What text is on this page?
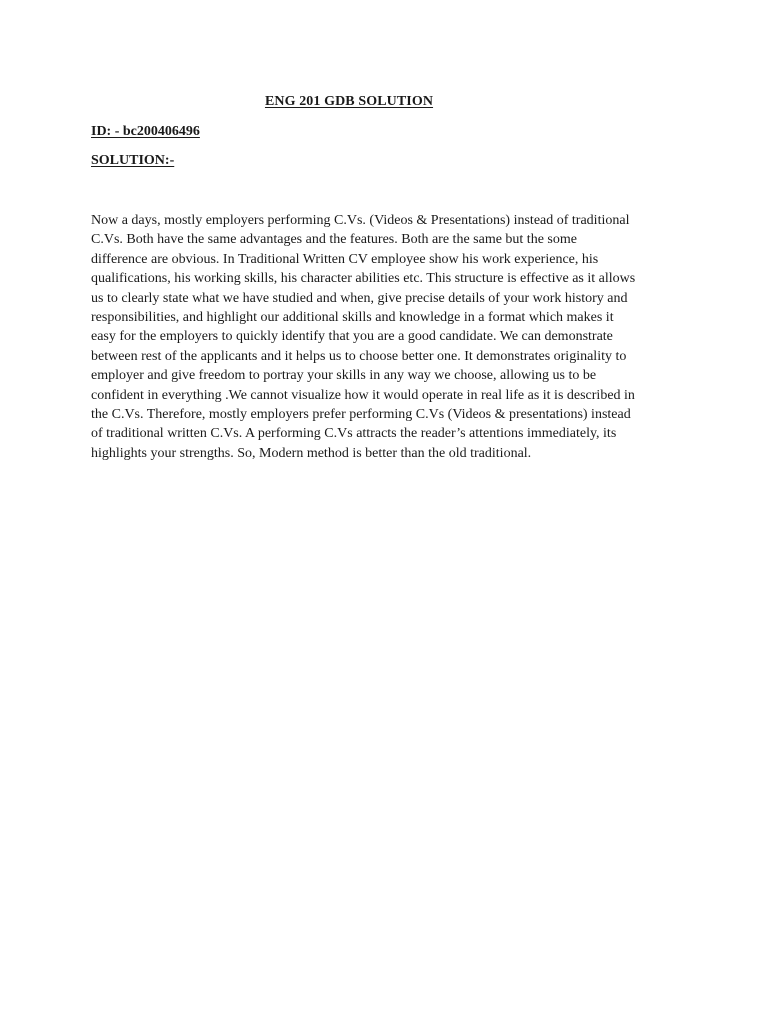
ENG 201 GDB SOLUTION
ID: - bc200406496
SOLUTION:-
Now a days, mostly employers performing C.Vs. (Videos & Presentations) instead of traditional
C.Vs. Both have the same advantages and the features. Both are the same but the some
difference are obvious. In Traditional Written CV employee show his work experience, his
qualifications, his working skills, his character abilities etc. This structure is effective as it allows
us to clearly state what we have studied and when, give precise details of your work history and
responsibilities, and highlight our additional skills and knowledge in a format which makes it
easy for the employers to quickly identify that you are a good candidate. We can demonstrate
between rest of the applicants and it helps us to choose better one. It demonstrates originality to
employer and give freedom to portray your skills in any way we choose, allowing us to be
confident in everything .We cannot visualize how it would operate in real life as it is described in
the C.Vs. Therefore, mostly employers prefer performing C.Vs (Videos & presentations) instead
of traditional written C.Vs. A performing C.Vs attracts the reader’s attentions immediately, its
highlights your strengths. So, Modern method is better than the old traditional.
